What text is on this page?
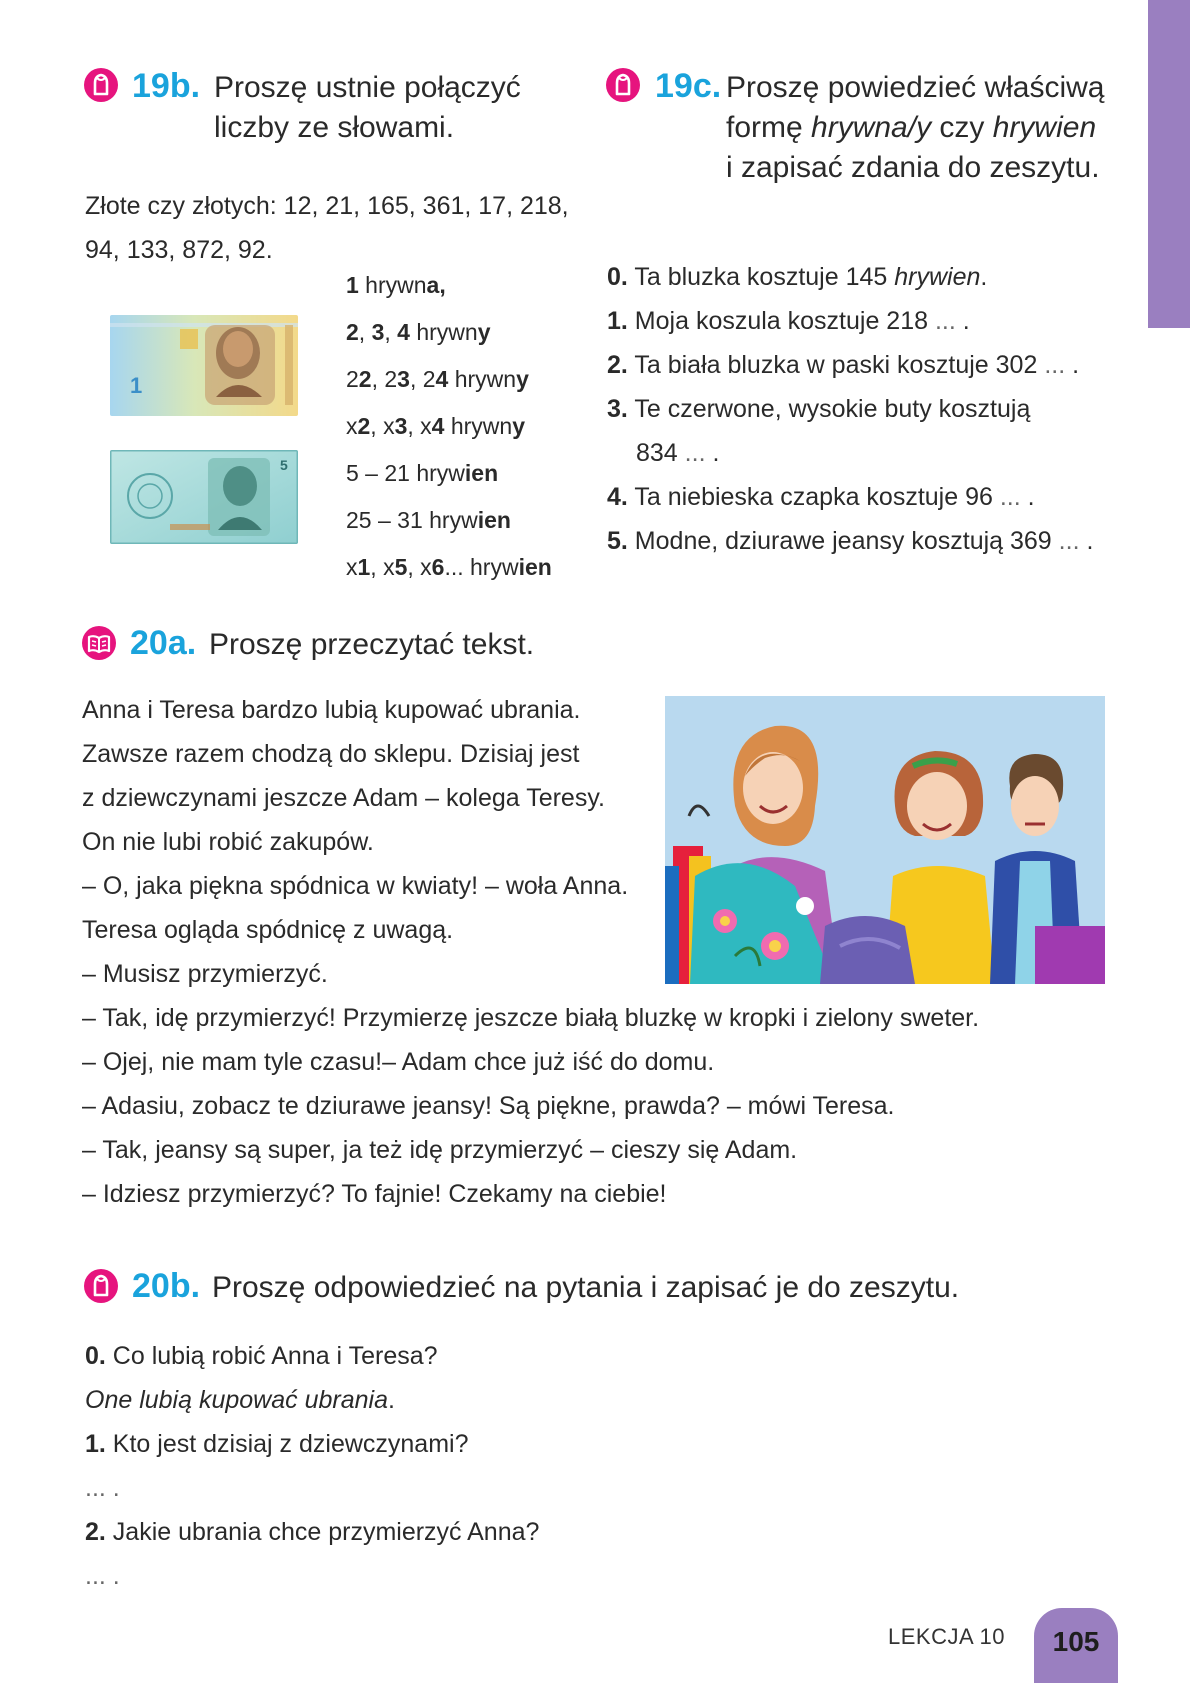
19b. Proszę ustnie połączyć
liczby ze słowami.
Złote czy złotych: 12, 21, 165, 361, 17, 218,
94, 133, 872, 92.
1
5
1 hrywna,
2, 3, 4 hrywny
22, 23, 24 hrywny
x2, x3, x4 hrywny
5 – 21 hrywien
25 – 31 hrywien
x1, x5, x6... hrywien
19c. Proszę powiedzieć właściwą
formę hrywna/y czy hrywien
i zapisać zdania do zeszytu.
0. Ta bluzka kosztuje 145 hrywien.
1. Moja koszula kosztuje 218 ... .
2. Ta biała bluzka w paski kosztuje 302 ... .
3. Te czerwone, wysokie buty kosztują
834 ... .
4. Ta niebieska czapka kosztuje 96 ... .
5. Modne, dziurawe jeansy kosztują 369 ... .
20a. Proszę przeczytać tekst.
Anna i Teresa bardzo lubią kupować ubrania.
Zawsze razem chodzą do sklepu. Dzisiaj jest
z dziewczynami jeszcze Adam – kolega Teresy.
On nie lubi robić zakupów.
– O, jaka piękna spódnica w kwiaty! – woła Anna.
Teresa ogląda spódnicę z uwagą.
– Musisz przymierzyć.
– Tak, idę przymierzyć! Przymierzę jeszcze białą bluzkę w kropki i zielony sweter.
– Ojej, nie mam tyle czasu!– Adam chce już iść do domu.
– Adasiu, zobacz te dziurawe jeansy! Są piękne, prawda? – mówi Teresa.
– Tak, jeansy są super, ja też idę przymierzyć – cieszy się Adam.
– Idziesz przymierzyć? To fajnie! Czekamy na ciebie!
20b. Proszę odpowiedzieć na pytania i zapisać je do zeszytu.
0. Co lubią robić Anna i Teresa?
One lubią kupować ubrania.
1. Kto jest dzisiaj z dziewczynami?
... .
2. Jakie ubrania chce przymierzyć Anna?
... .
LEKCJA 10	105
